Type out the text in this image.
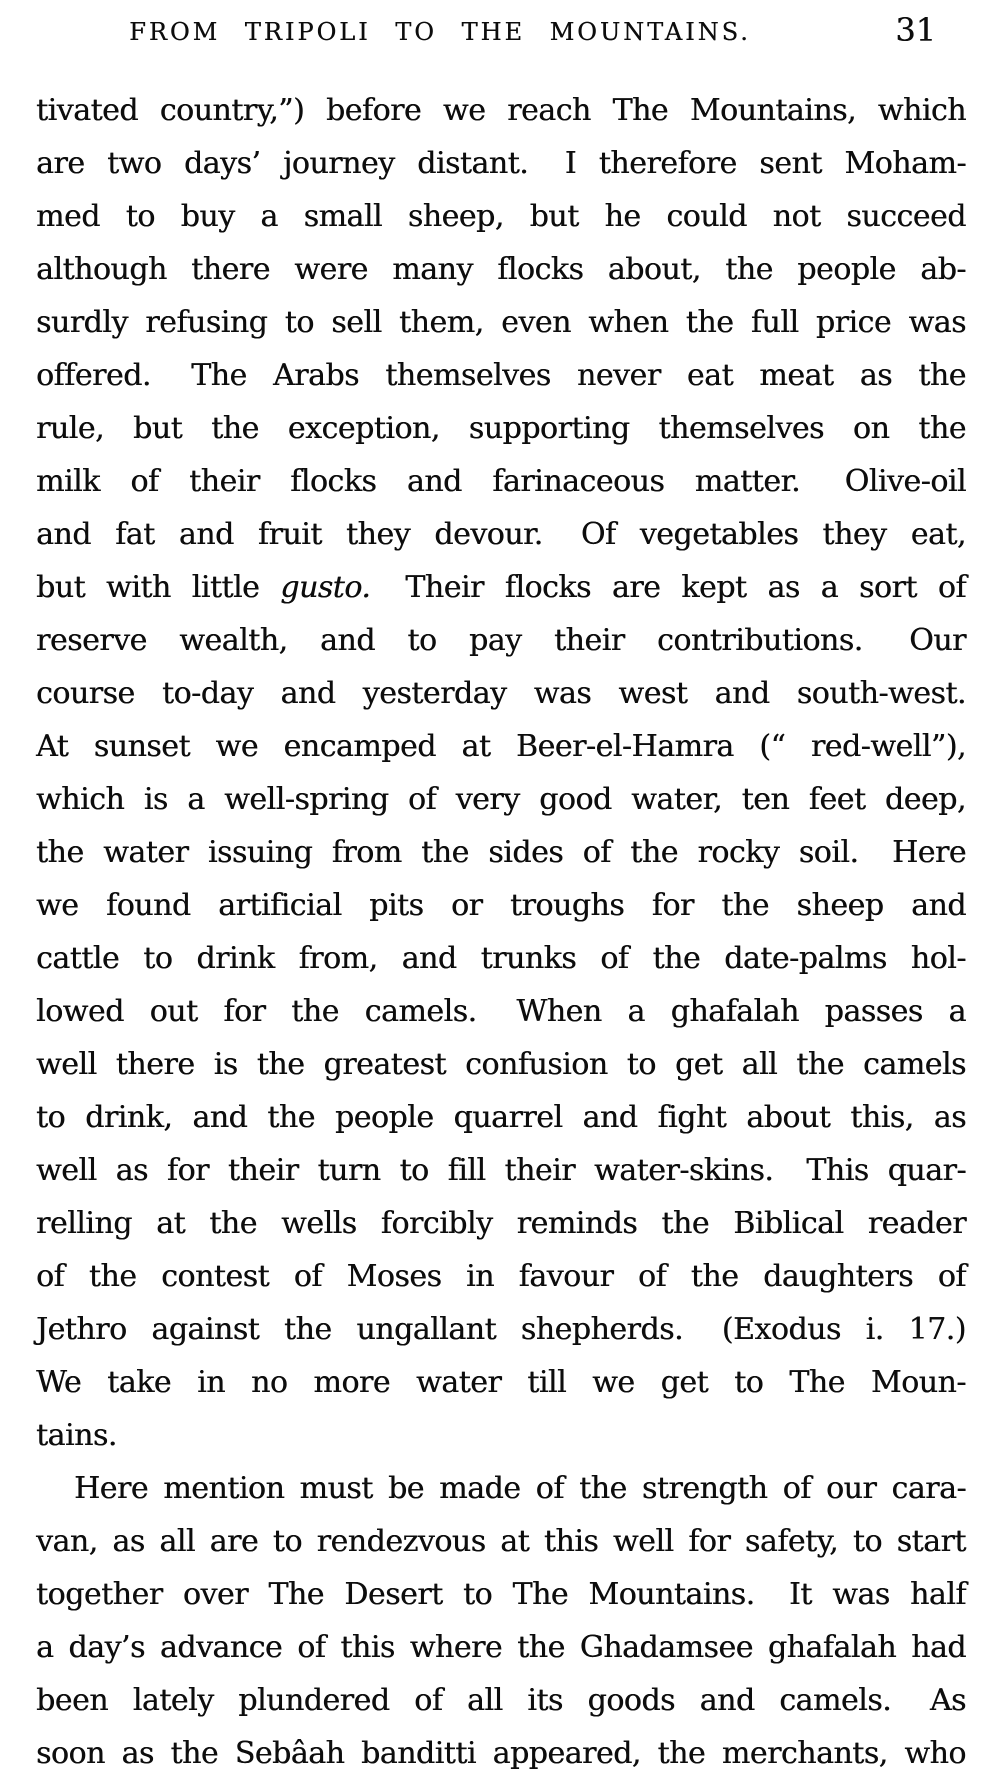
FROM TRIPOLI TO THE MOUNTAINS.	31
tivated country,”) before we reach The Mountains, which
are two days’ journey distant. I therefore sent Moham-
med to buy a small sheep, but he could not succeed
although there were many flocks about, the people ab-
surdly refusing to sell them, even when the full price was
offered. The Arabs themselves never eat meat as the
rule, but the exception, supporting themselves on the
milk of their flocks and farinaceous matter. Olive-oil
and fat and fruit they devour. Of vegetables they eat,
but with little gusto. Their flocks are kept as a sort of
reserve wealth, and to pay their contributions. Our
course to-day and yesterday was west and south-west.
At sunset we encamped at Beer-el-Hamra (“ red-well”),
which is a well-spring of very good water, ten feet deep,
the water issuing from the sides of the rocky soil. Here
we found artificial pits or troughs for the sheep and
cattle to drink from, and trunks of the date-palms hol-
lowed out for the camels. When a ghafalah passes a
well there is the greatest confusion to get all the camels
to drink, and the people quarrel and fight about this, as
well as for their turn to fill their water-skins. This quar-
relling at the wells forcibly reminds the Biblical reader
of the contest of Moses in favour of the daughters of
Jethro against the ungallant shepherds. (Exodus i. 17.)
We take in no more water till we get to The Moun-
tains.
Here mention must be made of the strength of our cara-
van, as all are to rendezvous at this well for safety, to start
together over The Desert to The Mountains. It was half
a day’s advance of this where the Ghadamsee ghafalah had
been lately plundered of all its goods and camels. As
soon as the Sebâah banditti appeared, the merchants, who
